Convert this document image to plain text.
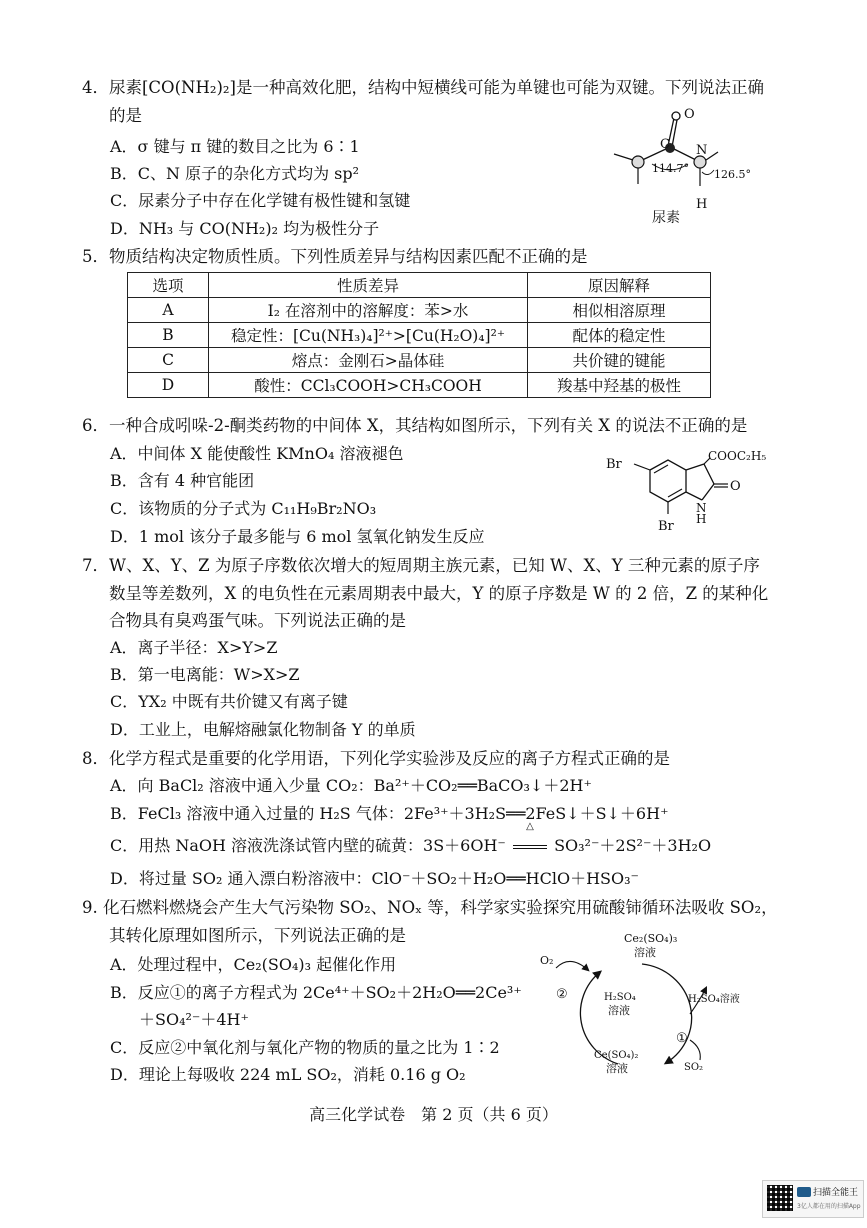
4．尿素[CO(NH₂)₂]是一种高效化肥，结构中短横线可能为单键也可能为双键。下列说法正确
的是
A．σ 键与 π 键的数目之比为 6∶1
B．C、N 原子的杂化方式均为 sp²
C．尿素分子中存在化学键有极性键和氢键
D．NH₃ 与 CO(NH₂)₂ 均为极性分子
C
O
N
H
114.7° 126.5°
尿素
5．物质结构决定物质性质。下列性质差异与结构因素匹配不正确的是
选项	性质差异	原因解释
A	I₂ 在溶剂中的溶解度：苯>水	相似相溶原理
B	稳定性：[Cu(NH₃)₄]²⁺>[Cu(H₂O)₄]²⁺	配体的稳定性
C	熔点：金刚石>晶体硅	共价键的键能
D	酸性：CCl₃COOH>CH₃COOH	羧基中羟基的极性
6．一种合成吲哚-2-酮类药物的中间体 X，其结构如图所示，下列有关 X 的说法不正确的是
A．中间体 X 能使酸性 KMnO₄ 溶液褪色
B．含有 4 种官能团
C．该物质的分子式为 C₁₁H₉Br₂NO₃
D．1 mol 该分子最多能与 6 mol 氢氧化钠发生反应
Br
Br
COOC₂H₅
O
N
H
7．W、X、Y、Z 为原子序数依次增大的短周期主族元素，已知 W、X、Y 三种元素的原子序
数呈等差数列，X 的电负性在元素周期表中最大，Y 的原子序数是 W 的 2 倍，Z 的某种化
合物具有臭鸡蛋气味。下列说法正确的是
A．离子半径：X>Y>Z
B．第一电离能：W>X>Z
C．YX₂ 中既有共价键又有离子键
D．工业上，电解熔融氯化物制备 Y 的单质
8．化学方程式是重要的化学用语，下列化学实验涉及反应的离子方程式正确的是
A．向 BaCl₂ 溶液中通入少量 CO₂：Ba²⁺＋CO₂══BaCO₃↓＋2H⁺
B．FeCl₃ 溶液中通入过量的 H₂S 气体：2Fe³⁺＋3H₂S══2FeS↓＋S↓＋6H⁺
C．用热 NaOH 溶液洗涤试管内壁的硫黄：3S＋6OH⁻
△
SO₃²⁻＋2S²⁻＋3H₂O
D．将过量 SO₂ 通入漂白粉溶液中：ClO⁻＋SO₂＋H₂O══HClO＋HSO₃⁻
9. 化石燃料燃烧会产生大气污染物 SO₂、NOₓ 等，科学家实验探究用硫酸铈循环法吸收 SO₂，
其转化原理如图所示，下列说法正确的是
A．处理过程中，Ce₂(SO₄)₃ 起催化作用
B．反应①的离子方程式为 2Ce⁴⁺＋SO₂＋2H₂O══2Ce³⁺
＋SO₄²⁻＋4H⁺
C．反应②中氧化剂与氧化产物的物质的量之比为 1∶2
D．理论上每吸收 224 mL SO₂，消耗 0.16 g O₂
Ce₂(SO₄)₃
溶液
O₂
②	H₂SO₄
溶液
H₂SO₄溶液
①
Ce(SO₄)₂
溶液	SO₂
高三化学试卷　第 2 页（共 6 页）
扫描全能王
3亿人都在用的扫描App
